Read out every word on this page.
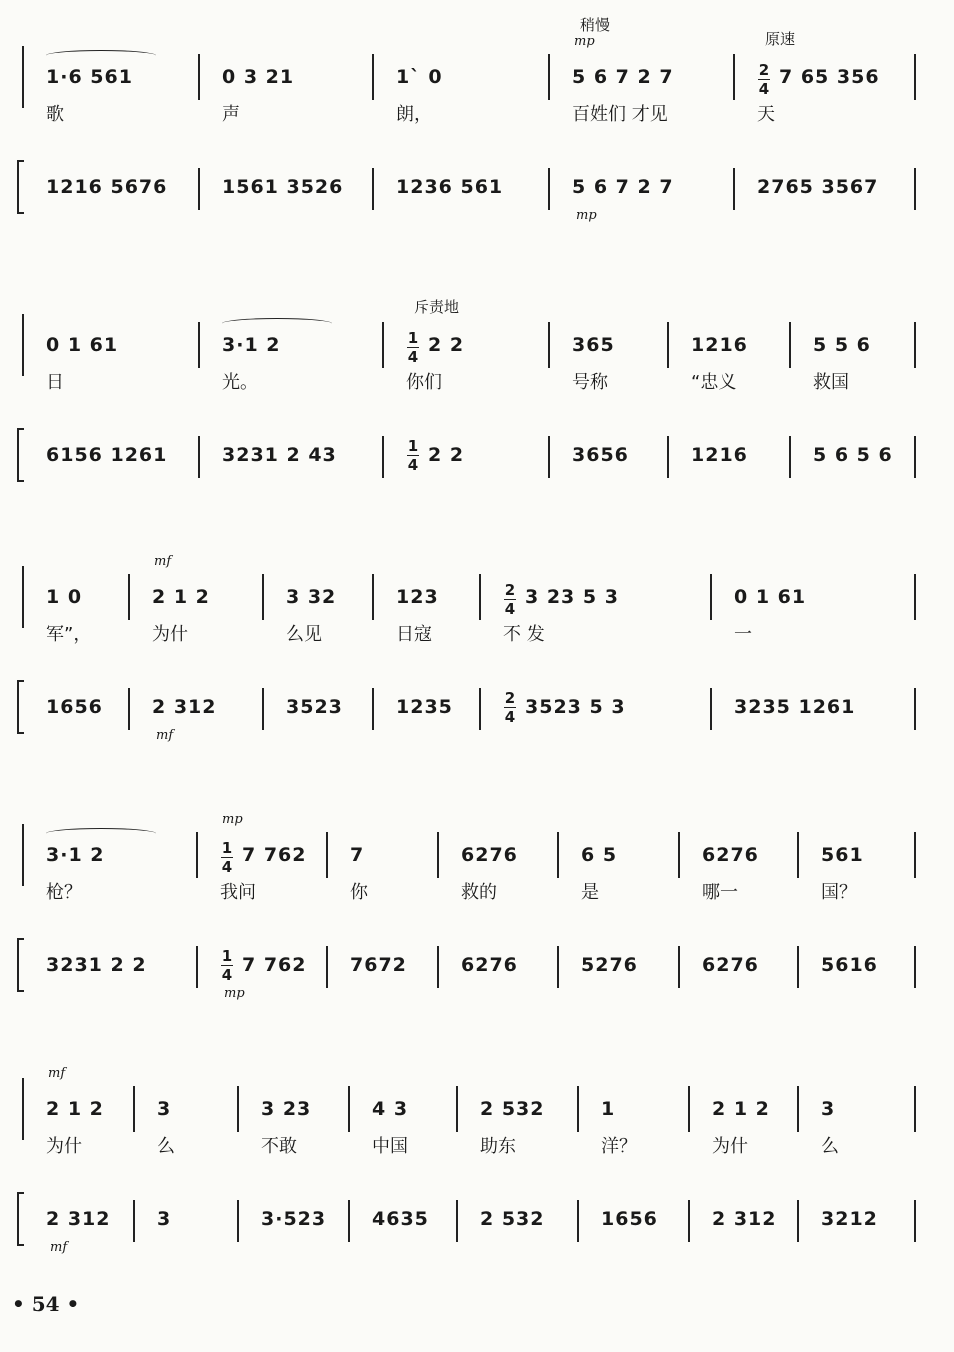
1·6 561
歌
0 3 21
声
1` 0
朗，
5 6 7 2 7
百姓们 才见
稍慢
mp
2
4
7 65 356
天
原速
1216 5676	1561 3526	1236 561	5 6 7 2 7
mp
2765 3567
0 1 61
日
3·1 2
光。
1
4
2 2
你们
斥责地
365
号称
1216
“忠义
5 5 6
救国
6156 1261	3231 2 43	1
4 2 2	3656	1216	5 6 5 6
1 0
军”，
2 1 2
为什
mf
3 32
么见
123
日寇
2
4
3 23 5 3
不 发
0 1 61
一
1656	2 312
mf
3523	1235	2
4 3523 5 3	3235 1261
3·1 2
枪？
1
4
7 762
我问
mp
7
你
6276
救的
6 5
是
6276
哪一
561
国？
3231 2 2	1
4 7 762
mp
7672	6276	5276	6276	5616
2 1 2
为什
mf
3
么
3 23
不敢
4 3
中国
2 532
助东
1
洋？
2 1 2
为什
3
么
2 312
mf
3	3·523 4635	2 532	1656	2 312 3212
• 54 •
